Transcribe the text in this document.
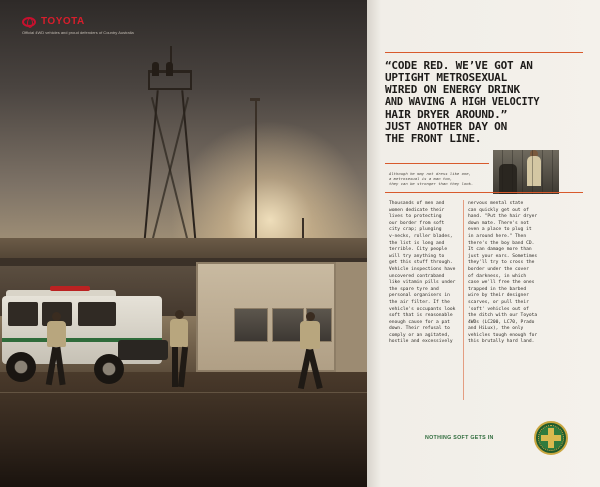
TOYOTA
Official 4WD vehicles and proud defenders of Country Australia
“CODE RED. WE’VE GOT AN
UPTIGHT METROSEXUAL
WIRED ON ENERGY DRINK
AND WAVING A HIGH VELOCITY
HAIR DRYER AROUND.”
JUST ANOTHER DAY ON
THE FRONT LINE.
Although he may not dress like one,
a metrosexual is a man too,
they can be stronger than they look.

Thousands of men and
women dedicate their
lives to protecting
our border from soft
city crap; plunging
v-necks, roller blades,
the list is long and
terrible. City people
will try anything to
get this stuff through.
Vehicle inspections have
uncovered contraband
like vitamin pills under
the spare tyre and
personal organisers in
the air filter. If the
vehicle's occupants look
soft that is reasonable
enough cause for a pat
down. Their refusal to
comply or an agitated,
hostile and excessively

nervous mental state
can quickly get out of
hand. "Put the hair dryer
down mate. There's not
even a place to plug it
in around here." Then
there's the boy band CD.
It can damage more than
just your ears. Sometimes
they'll try to cross the
border under the cover
of darkness, in which
case we'll free the ones
trapped in the barbed
wire by their designer
scarves, or pull their
'soft' vehicles out of
the ditch with our Toyota
4WDs (LC200, LC70, Prado
and HiLux), the only
vehicles tough enough for
this brutally hard land.

NOTHING SOFT GETS IN
